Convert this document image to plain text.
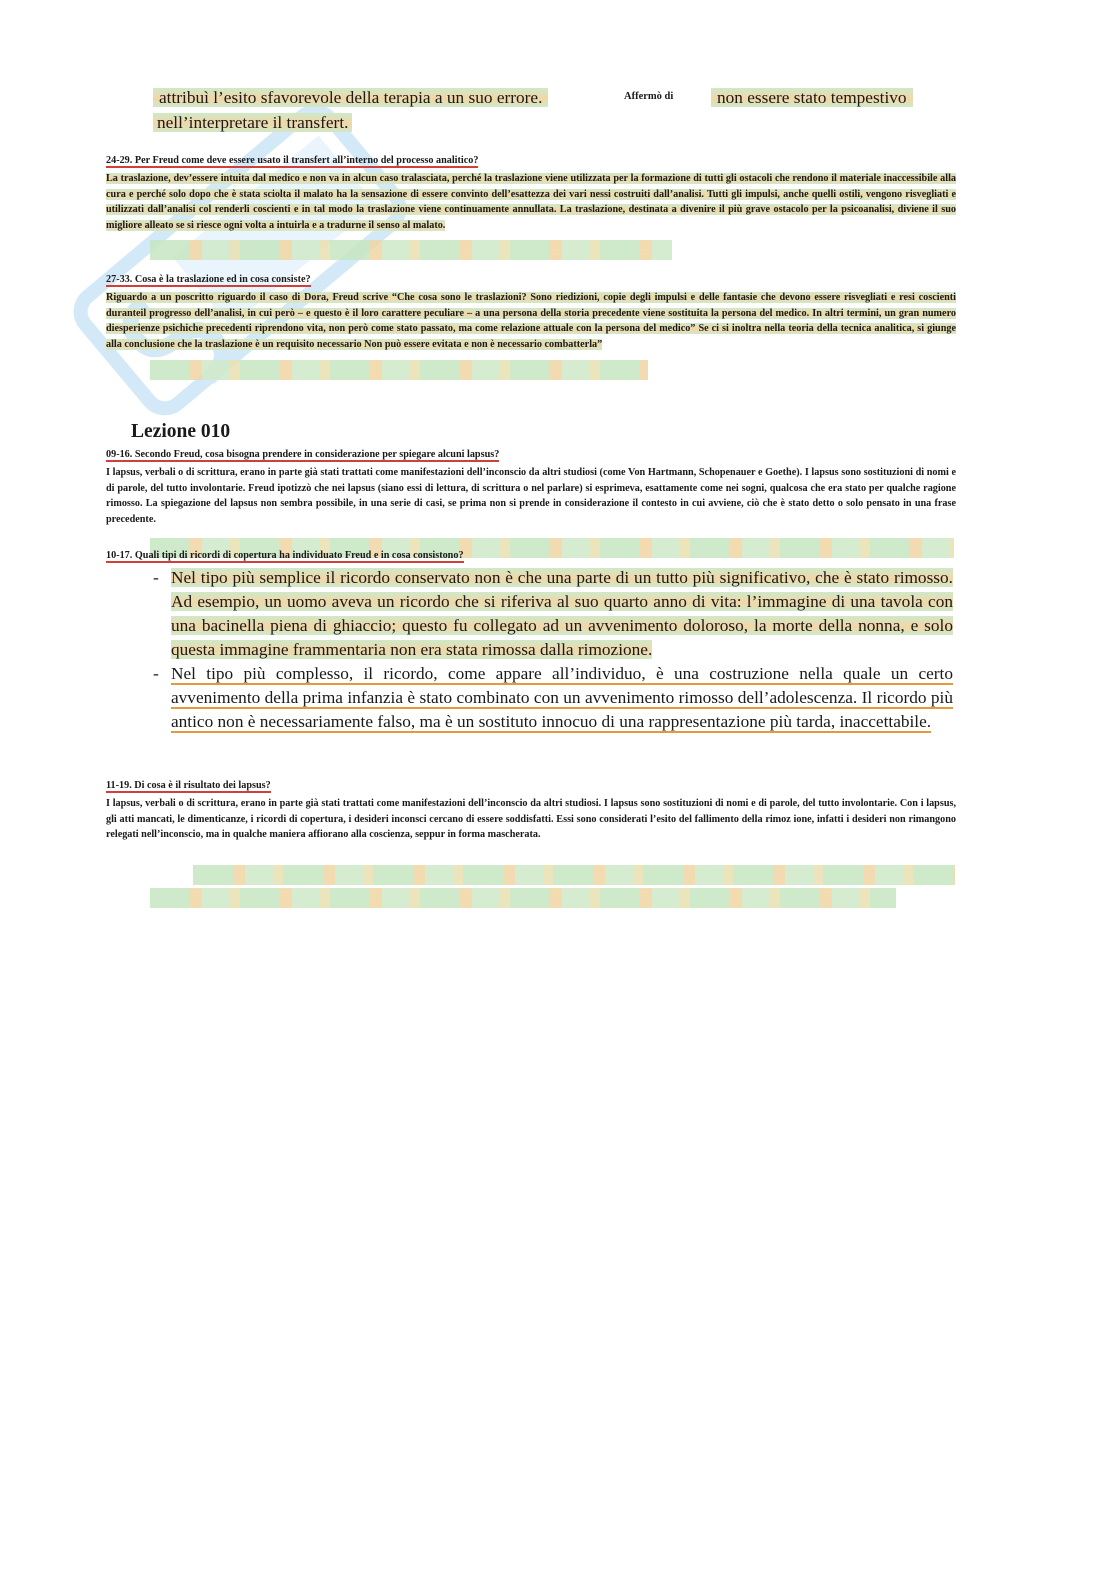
attribuì l’esito sfavorevole della terapia a un suo errore.	Affermò di	non essere stato tempestivo
nell’interpretare il transfert.
24-29. Per Freud come deve essere usato il transfert all’interno del processo analitico?
La traslazione, dev’essere intuita dal medico e non va in alcun caso tralasciata, perché la traslazione viene utilizzata per la formazione di tutti gli ostacoli che rendono il materiale inaccessibile alla cura e perché solo dopo che è stata sciolta il malato ha la sensazione di essere convinto dell’esattezza dei vari nessi costruiti dall’analisi. Tutti gli impulsi, anche quelli ostili, vengono risvegliati e utilizzati dall’analisi col renderli coscienti e in tal modo la traslazione viene continuamente annullata. La traslazione, destinata a divenire il più grave ostacolo per la psicoanalisi, diviene il suo migliore alleato se si riesce ogni volta a intuirla e a tradurne il senso al malato.
27-33. Cosa è la traslazione ed in cosa consiste?
Riguardo a un poscritto riguardo il caso di Dora, Freud scrive “Che cosa sono le traslazioni? Sono riedizioni, copie degli impulsi e delle fantasie che devono essere risvegliati e resi coscienti duranteil progresso dell’analisi, in cui però – e questo è il loro carattere peculiare – a una persona della storia precedente viene sostituita la persona del medico. In altri termini, un gran numero diesperienze psichiche precedenti riprendono vita, non però come stato passato, ma come relazione attuale con la persona del medico” Se ci si inoltra nella teoria della tecnica analitica, si giunge alla conclusione che la traslazione è un requisito necessario Non può essere evitata e non è necessario combatterla”
Lezione 010
09-16. Secondo Freud, cosa bisogna prendere in considerazione per spiegare alcuni lapsus?
I lapsus, verbali o di scrittura, erano in parte già stati trattati come manifestazioni dell’inconscio da altri studiosi (come Von Hartmann, Schopenauer e Goethe). I lapsus sono sostituzioni di nomi e di parole, del tutto involontarie. Freud ipotizzò che nei lapsus (siano essi di lettura, di scrittura o nel parlare) si esprimeva, esattamente come nei sogni, qualcosa che era stato per qualche ragione rimosso. La spiegazione del lapsus non sembra possibile, in una serie di casi, se prima non si prende in considerazione il contesto in cui avviene, ciò che è stato detto o solo pensato in una frase precedente.
10-17. Quali tipi di ricordi di copertura ha individuato Freud e in cosa consistono?
- Nel tipo più semplice il ricordo conservato non è che una parte di un tutto più significativo, che è stato rimosso. Ad esempio, un uomo aveva un ricordo che si riferiva al suo quarto anno di vita: l’immagine di una tavola con una bacinella piena di ghiaccio; questo fu collegato ad un avvenimento doloroso, la morte della nonna, e solo questa immagine frammentaria non era stata rimossa dalla rimozione.
- Nel tipo più complesso, il ricordo, come appare all’individuo, è una costruzione nella quale un certo avvenimento della prima infanzia è stato combinato con un avvenimento rimosso dell’adolescenza. Il ricordo più antico non è necessariamente falso, ma è un sostituto innocuo di una rappresentazione più tarda, inaccettabile.
11-19. Di cosa è il risultato dei lapsus?
I lapsus, verbali o di scrittura, erano in parte già stati trattati come manifestazioni dell’inconscio da altri studiosi. I lapsus sono sostituzioni di nomi e di parole, del tutto involontarie. Con i lapsus, gli atti mancati, le dimenticanze, i ricordi di copertura, i desideri inconsci cercano di essere soddisfatti. Essi sono considerati l’esito del fallimento della rimoz ione, infatti i desideri non rimangono relegati nell’inconscio, ma in qualche maniera affiorano alla coscienza, seppur in forma mascherata.
